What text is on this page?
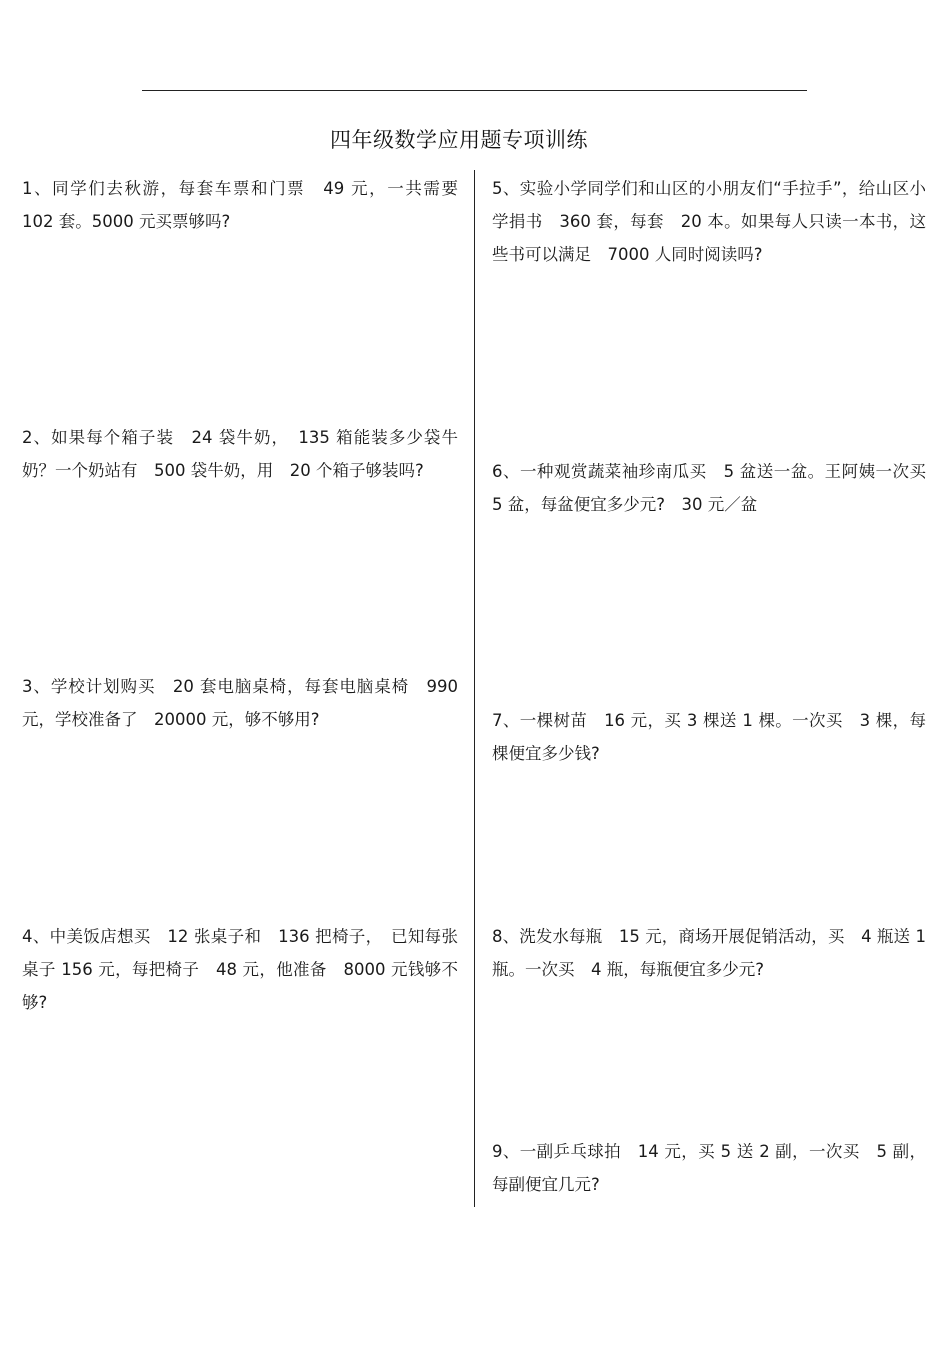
四年级数学应用题专项训练
1、同学们去秋游，每套车票和门票　49 元，一共需要 102 套。5000 元买票够吗?
2、如果每个箱子装　24 袋牛奶，　135 箱能装多少袋牛奶？一个奶站有　500 袋牛奶，用　20 个箱子够装吗?
3、学校计划购买　20 套电脑桌椅，每套电脑桌椅　990 元，学校准备了　20000 元，够不够用?
4、中美饭店想买　12 张桌子和　136 把椅子，　已知每张桌子 156 元，每把椅子　48 元，他准备　8000 元钱够不够?
5、实验小学同学们和山区的小朋友们“手拉手”，给山区小学捐书　360 套，每套　20 本。如果每人只读一本书，这些书可以满足　7000 人同时阅读吗?
6、一种观赏蔬菜袖珍南瓜买　5 盆送一盆。王阿姨一次买 5 盆，每盆便宜多少元?　30 元／盆
7、一棵树苗　16 元，买 3 棵送 1 棵。一次买　3 棵，每棵便宜多少钱?
8、洗发水每瓶　15 元，商场开展促销活动，买　4 瓶送 1 瓶。一次买　4 瓶，每瓶便宜多少元?
9、一副乒乓球拍　14 元，买 5 送 2 副，一次买　5 副，每副便宜几元?
